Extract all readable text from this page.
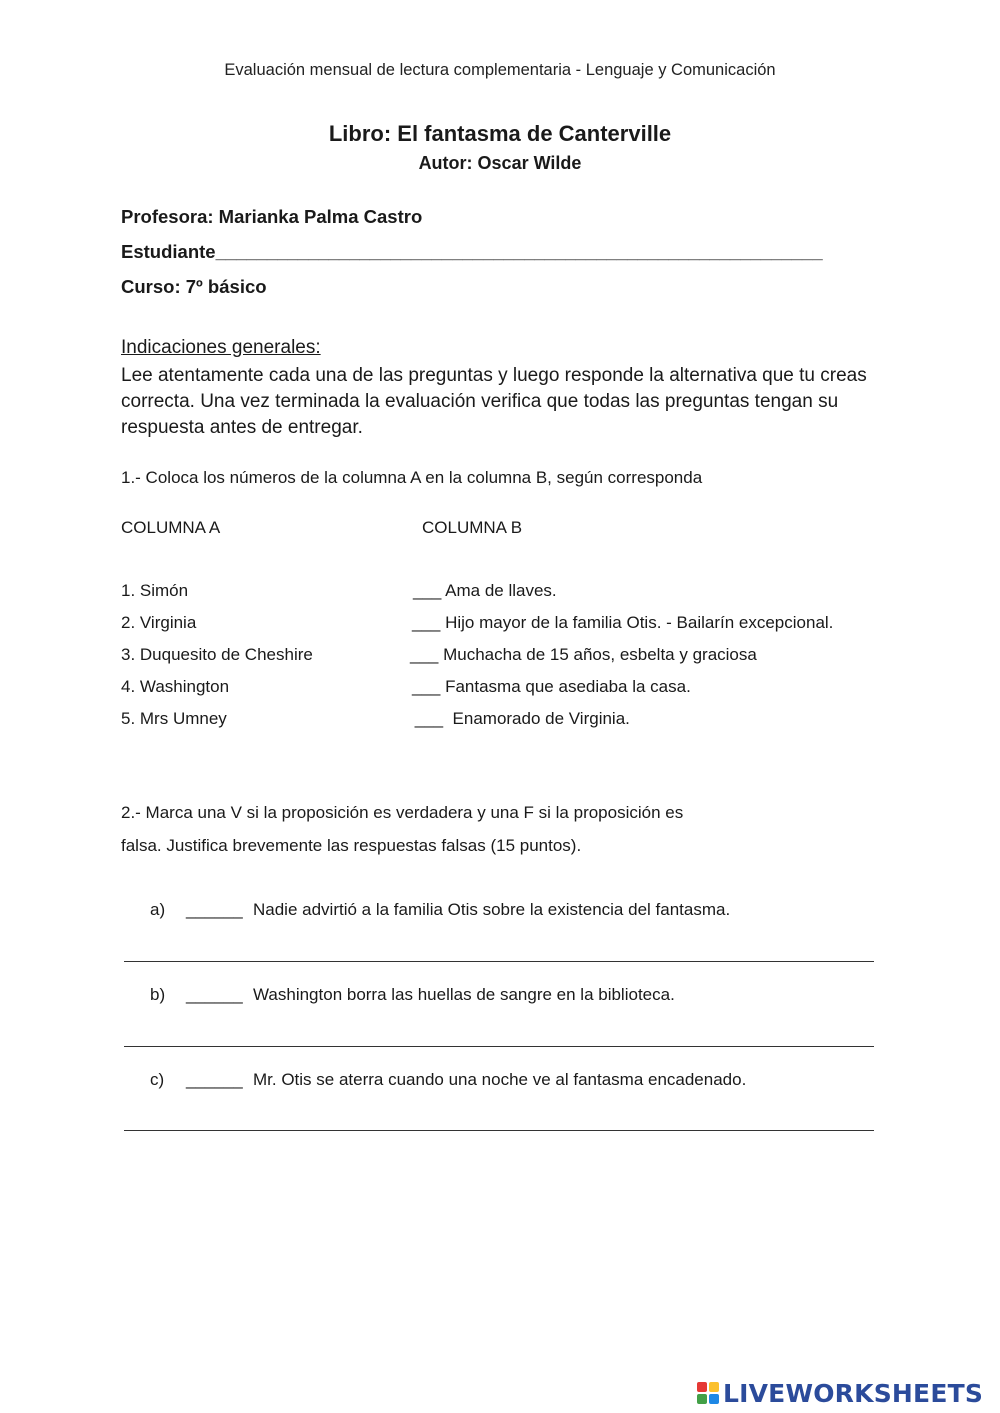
Evaluación mensual de lectura complementaria - Lenguaje y Comunicación
Libro: El fantasma de Canterville
Autor: Oscar Wilde
Profesora: Marianka Palma Castro
Estudiante___________________________________________________________
Curso: 7º básico
Indicaciones generales:
Lee atentamente cada una de las preguntas y luego responde la alternativa que tu creas correcta. Una vez terminada la evaluación verifica que todas las preguntas tengan su respuesta antes de entregar.
1.- Coloca los números de la columna A en la columna B, según corresponda
COLUMNA A	COLUMNA B
1. Simón
2. Virginia
3. Duquesito de Cheshire
4. Washington
5. Mrs Umney
___ Ama de llaves.
___ Hijo mayor de la familia Otis. - Bailarín excepcional.
___ Muchacha de 15 años, esbelta y graciosa
___ Fantasma que asediaba la casa.
___  Enamorado de Virginia.
2.- Marca una V si la proposición es verdadera y una F si la proposición es
falsa. Justifica brevemente las respuestas falsas (15 puntos).
a) ______ Nadie advirtió a la familia Otis sobre la existencia del fantasma.
b) ______ Washington borra las huellas de sangre en la biblioteca.
c) ______ Mr. Otis se aterra cuando una noche ve al fantasma encadenado.
LIVEWORKSHEETS
